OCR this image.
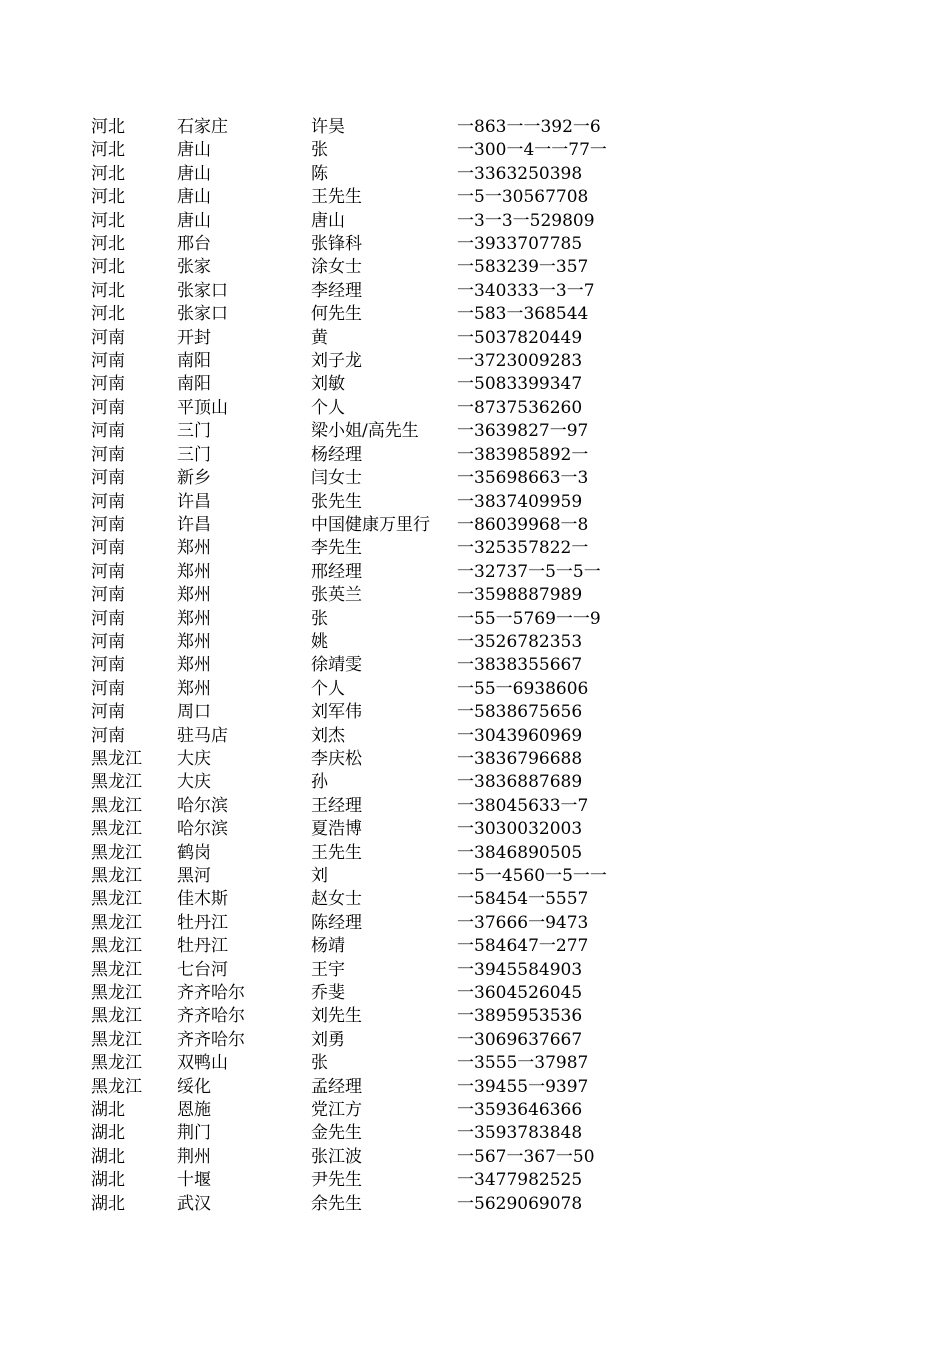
河北	石家庄	许昊	一863一一392一6
河北	唐山	张	一300一4一一77一
河北	唐山	陈	一3363250398
河北	唐山	王先生	一5一30567708
河北	唐山	唐山	一3一3一529809
河北	邢台	张锋科	一3933707785
河北	张家	涂女士	一583239一357
河北	张家口	李经理	一340333一3一7
河北	张家口	何先生	一583一368544
河南	开封	黄	一5037820449
河南	南阳	刘子龙	一3723009283
河南	南阳	刘敏	一5083399347
河南	平顶山	个人	一8737536260
河南	三门	梁小姐/高先生	一3639827一97
河南	三门	杨经理	一383985892一
河南	新乡	闫女士	一35698663一3
河南	许昌	张先生	一3837409959
河南	许昌	中国健康万里行	一86039968一8
河南	郑州	李先生	一325357822一
河南	郑州	邢经理	一32737一5一5一
河南	郑州	张英兰	一3598887989
河南	郑州	张	一55一5769一一9
河南	郑州	姚	一3526782353
河南	郑州	徐靖雯	一3838355667
河南	郑州	个人	一55一6938606
河南	周口	刘军伟	一5838675656
河南	驻马店	刘杰	一3043960969
黑龙江	大庆	李庆松	一3836796688
黑龙江	大庆	孙	一3836887689
黑龙江	哈尔滨	王经理	一38045633一7
黑龙江	哈尔滨	夏浩博	一3030032003
黑龙江	鹤岗	王先生	一3846890505
黑龙江	黑河	刘	一5一4560一5一一
黑龙江	佳木斯	赵女士	一58454一5557
黑龙江	牡丹江	陈经理	一37666一9473
黑龙江	牡丹江	杨靖	一584647一277
黑龙江	七台河	王宇	一3945584903
黑龙江	齐齐哈尔	乔斐	一3604526045
黑龙江	齐齐哈尔	刘先生	一3895953536
黑龙江	齐齐哈尔	刘勇	一3069637667
黑龙江	双鸭山	张	一3555一37987
黑龙江	绥化	孟经理	一39455一9397
湖北	恩施	党江方	一3593646366
湖北	荆门	金先生	一3593783848
湖北	荆州	张江波	一567一367一50
湖北	十堰	尹先生	一3477982525
湖北	武汉	余先生	一5629069078
